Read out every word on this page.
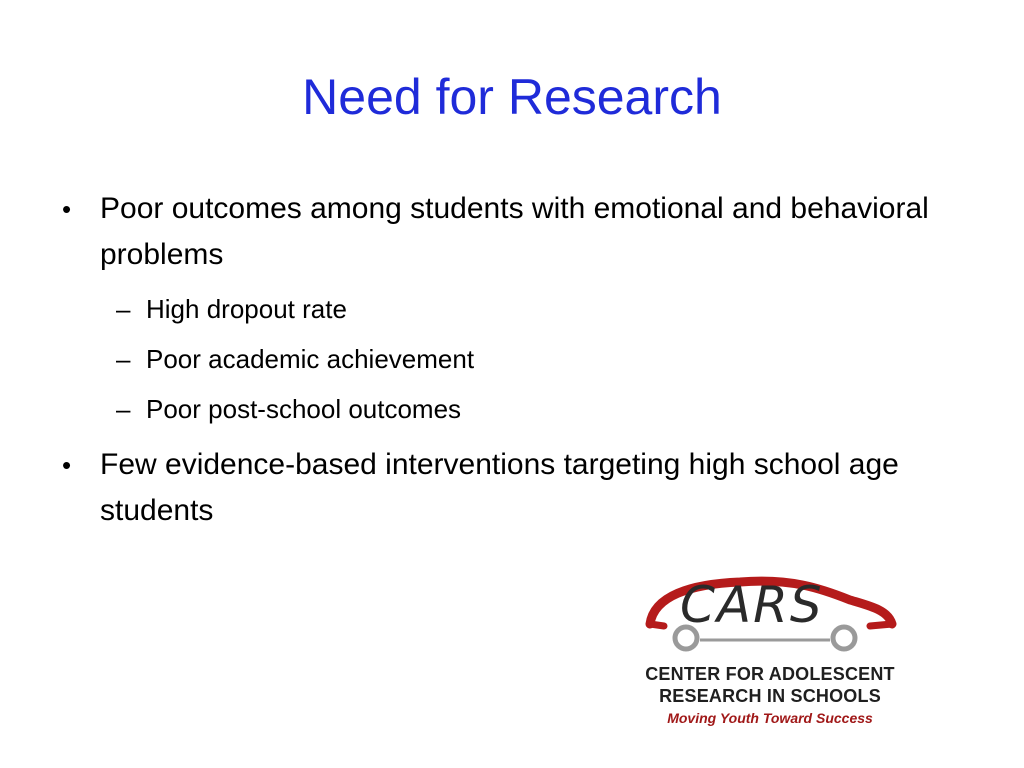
Need for Research
• Poor outcomes among students with emotional and behavioral problems
– High dropout rate
– Poor academic achievement
– Poor post-school outcomes
• Few evidence-based interventions targeting high school age students
CARS
CENTER FOR ADOLESCENT
RESEARCH IN SCHOOLS
Moving Youth Toward Success
